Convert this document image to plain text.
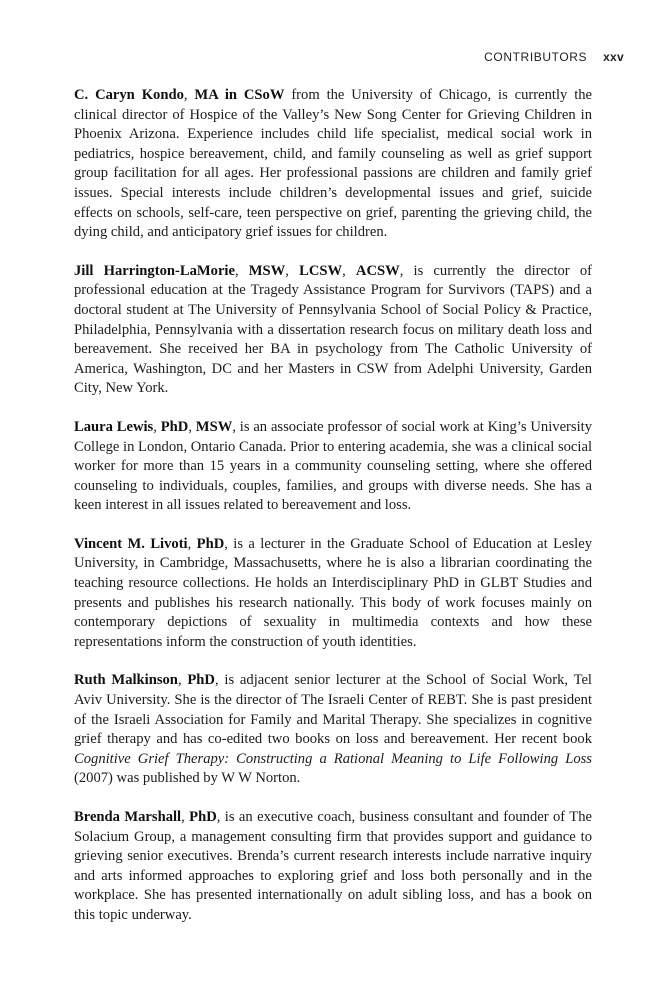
CONTRIBUTORS xxv

C. Caryn Kondo, MA in CSoW from the University of Chicago, is currently the clinical director of Hospice of the Valley’s New Song Center for Grieving Children in Phoenix Arizona. Experience includes child life specialist, medical social work in pediatrics, hospice bereavement, child, and family counseling as well as grief support group facilitation for all ages. Her professional passions are children and family grief issues. Special interests include children’s developmental issues and grief, suicide effects on schools, self-care, teen perspective on grief, parenting the grieving child, the dying child, and anticipatory grief issues for children.

Jill Harrington-LaMorie, MSW, LCSW, ACSW, is currently the director of professional education at the Tragedy Assistance Program for Survivors (TAPS) and a doctoral student at The University of Pennsylvania School of Social Policy & Practice, Philadelphia, Pennsylvania with a dissertation research focus on military death loss and bereavement. She received her BA in psychology from The Catholic University of America, Washington, DC and her Masters in CSW from Adelphi University, Garden City, New York.

Laura Lewis, PhD, MSW, is an associate professor of social work at King’s University College in London, Ontario Canada. Prior to entering academia, she was a clinical social worker for more than 15 years in a community counseling setting, where she offered counseling to individuals, couples, families, and groups with diverse needs. She has a keen interest in all issues related to bereavement and loss.

Vincent M. Livoti, PhD, is a lecturer in the Graduate School of Education at Lesley University, in Cambridge, Massachusetts, where he is also a librarian coordinating the teaching resource collections. He holds an Interdisciplinary PhD in GLBT Studies and presents and publishes his research nationally. This body of work focuses mainly on contemporary depictions of sexuality in multimedia contexts and how these representations inform the construction of youth identities.

Ruth Malkinson, PhD, is adjacent senior lecturer at the School of Social Work, Tel Aviv University. She is the director of The Israeli Center of REBT. She is past president of the Israeli Association for Family and Marital Therapy. She specializes in cognitive grief therapy and has co-edited two books on loss and bereavement. Her recent book Cognitive Grief Therapy: Constructing a Rational Meaning to Life Following Loss (2007) was published by W W Norton.

Brenda Marshall, PhD, is an executive coach, business consultant and founder of The Solacium Group, a management consulting firm that provides support and guidance to grieving senior executives. Brenda’s current research interests include narrative inquiry and arts informed approaches to exploring grief and loss both personally and in the workplace. She has presented internationally on adult sibling loss, and has a book on this topic underway.
